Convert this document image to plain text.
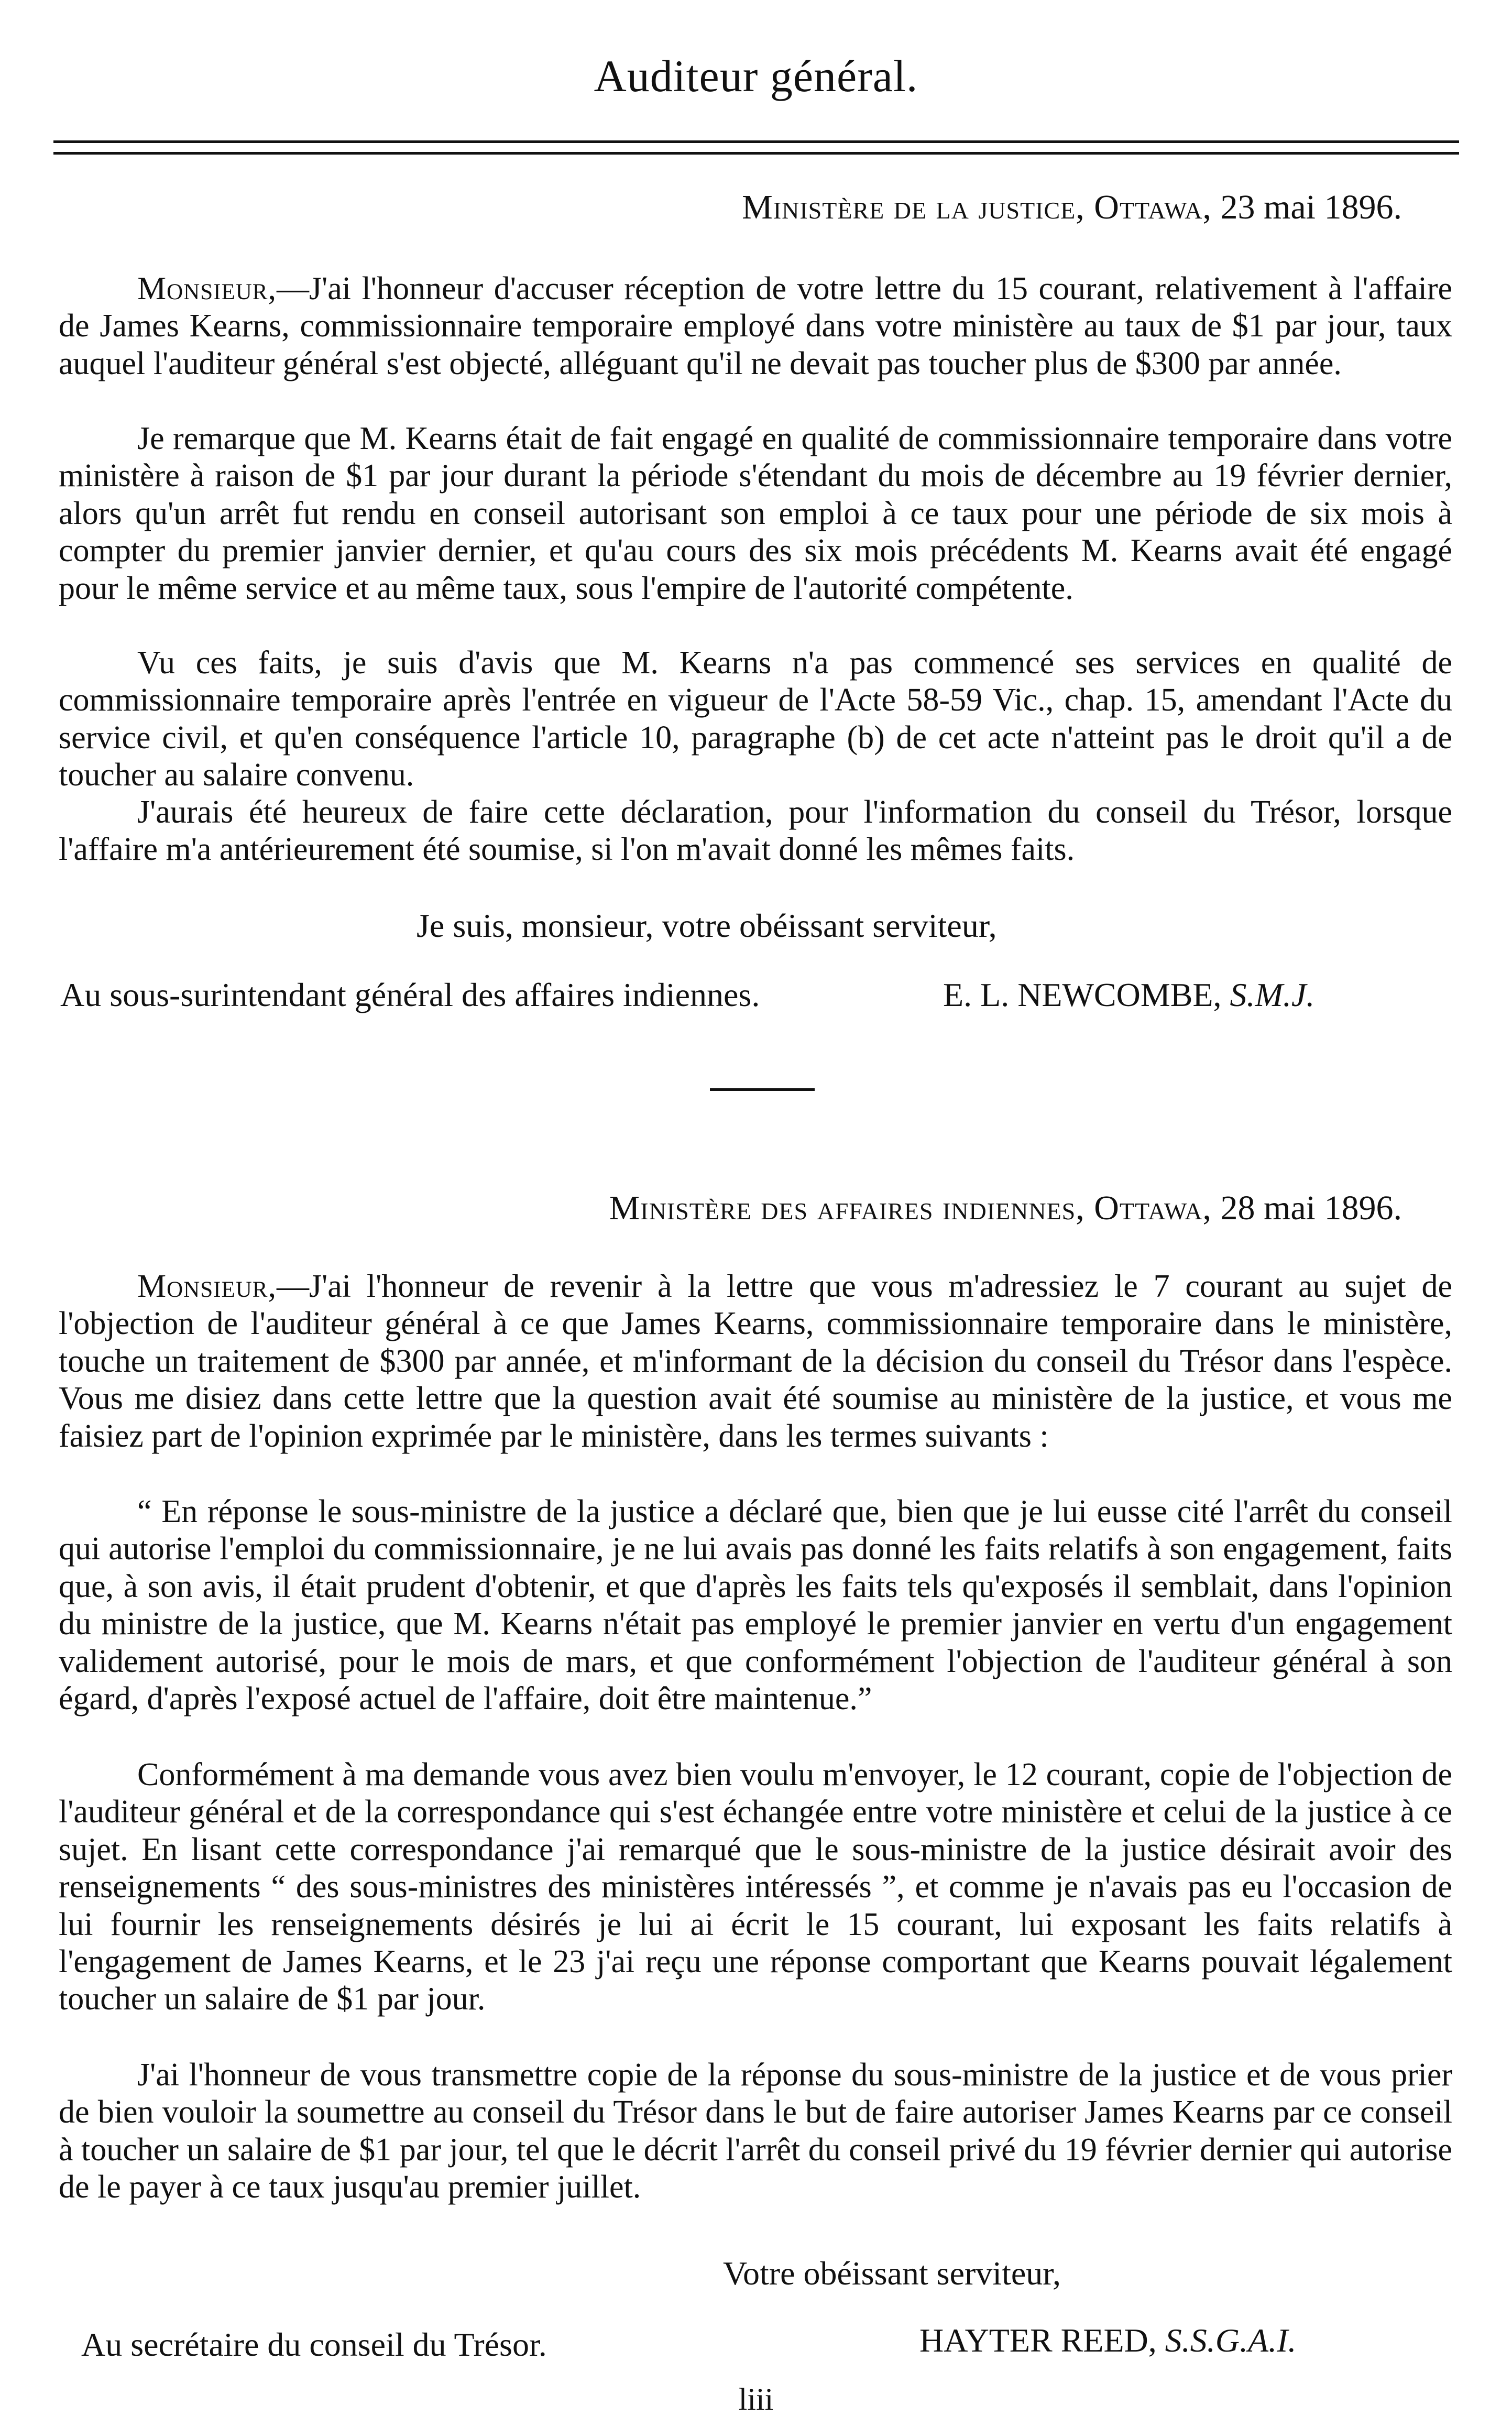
Auditeur général.
Ministère de la justice, Ottawa, 23 mai 1896.

Monsieur,—J'ai l'honneur d'accuser réception de votre lettre du 15 courant, relativement à l'affaire de James Kearns, commissionnaire temporaire employé dans votre ministère au taux de $1 par jour, taux auquel l'auditeur général s'est objecté, alléguant qu'il ne devait pas toucher plus de $300 par année.

Je remarque que M. Kearns était de fait engagé en qualité de commissionnaire temporaire dans votre ministère à raison de $1 par jour durant la période s'étendant du mois de décembre au 19 février dernier, alors qu'un arrêt fut rendu en conseil autorisant son emploi à ce taux pour une période de six mois à compter du premier janvier dernier, et qu'au cours des six mois précédents M. Kearns avait été engagé pour le même service et au même taux, sous l'empire de l'autorité compétente.

Vu ces faits, je suis d'avis que M. Kearns n'a pas commencé ses services en qualité de commissionnaire temporaire après l'entrée en vigueur de l'Acte 58-59 Vic., chap. 15, amendant l'Acte du service civil, et qu'en conséquence l'article 10, paragraphe (b) de cet acte n'atteint pas le droit qu'il a de toucher au salaire convenu.

J'aurais été heureux de faire cette déclaration, pour l'information du conseil du Trésor, lorsque l'affaire m'a antérieurement été soumise, si l'on m'avait donné les mêmes faits.

Je suis, monsieur, votre obéissant serviteur,
Au sous-surintendant général des affaires indiennes.	E. L. NEWCOMBE, S.M.J.
Ministère des affaires indiennes, Ottawa, 28 mai 1896.

Monsieur,—J'ai l'honneur de revenir à la lettre que vous m'adressiez le 7 courant au sujet de l'objection de l'auditeur général à ce que James Kearns, commissionnaire temporaire dans le ministère, touche un traitement de $300 par année, et m'informant de la décision du conseil du Trésor dans l'espèce. Vous me disiez dans cette lettre que la question avait été soumise au ministère de la justice, et vous me faisiez part de l'opinion exprimée par le ministère, dans les termes suivants :

“ En réponse le sous-ministre de la justice a déclaré que, bien que je lui eusse cité l'arrêt du conseil qui autorise l'emploi du commissionnaire, je ne lui avais pas donné les faits relatifs à son engagement, faits que, à son avis, il était prudent d'obtenir, et que d'après les faits tels qu'exposés il semblait, dans l'opinion du ministre de la justice, que M. Kearns n'était pas employé le premier janvier en vertu d'un engagement validement autorisé, pour le mois de mars, et que conformément l'objection de l'auditeur général à son égard, d'après l'exposé actuel de l'affaire, doit être maintenue.”

Conformément à ma demande vous avez bien voulu m'envoyer, le 12 courant, copie de l'objection de l'auditeur général et de la correspondance qui s'est échangée entre votre ministère et celui de la justice à ce sujet. En lisant cette correspondance j'ai remarqué que le sous-ministre de la justice désirait avoir des renseignements “ des sous-ministres des ministères intéressés ”, et comme je n'avais pas eu l'occasion de lui fournir les renseignements désirés je lui ai écrit le 15 courant, lui exposant les faits relatifs à l'engagement de James Kearns, et le 23 j'ai reçu une réponse comportant que Kearns pouvait légalement toucher un salaire de $1 par jour.

J'ai l'honneur de vous transmettre copie de la réponse du sous-ministre de la justice et de vous prier de bien vouloir la soumettre au conseil du Trésor dans le but de faire autoriser James Kearns par ce conseil à toucher un salaire de $1 par jour, tel que le décrit l'arrêt du conseil privé du 19 février dernier qui autorise de le payer à ce taux jusqu'au premier juillet.

Votre obéissant serviteur,
Au secrétaire du conseil du Trésor.	HAYTER REED, S.S.G.A.I.
liii
